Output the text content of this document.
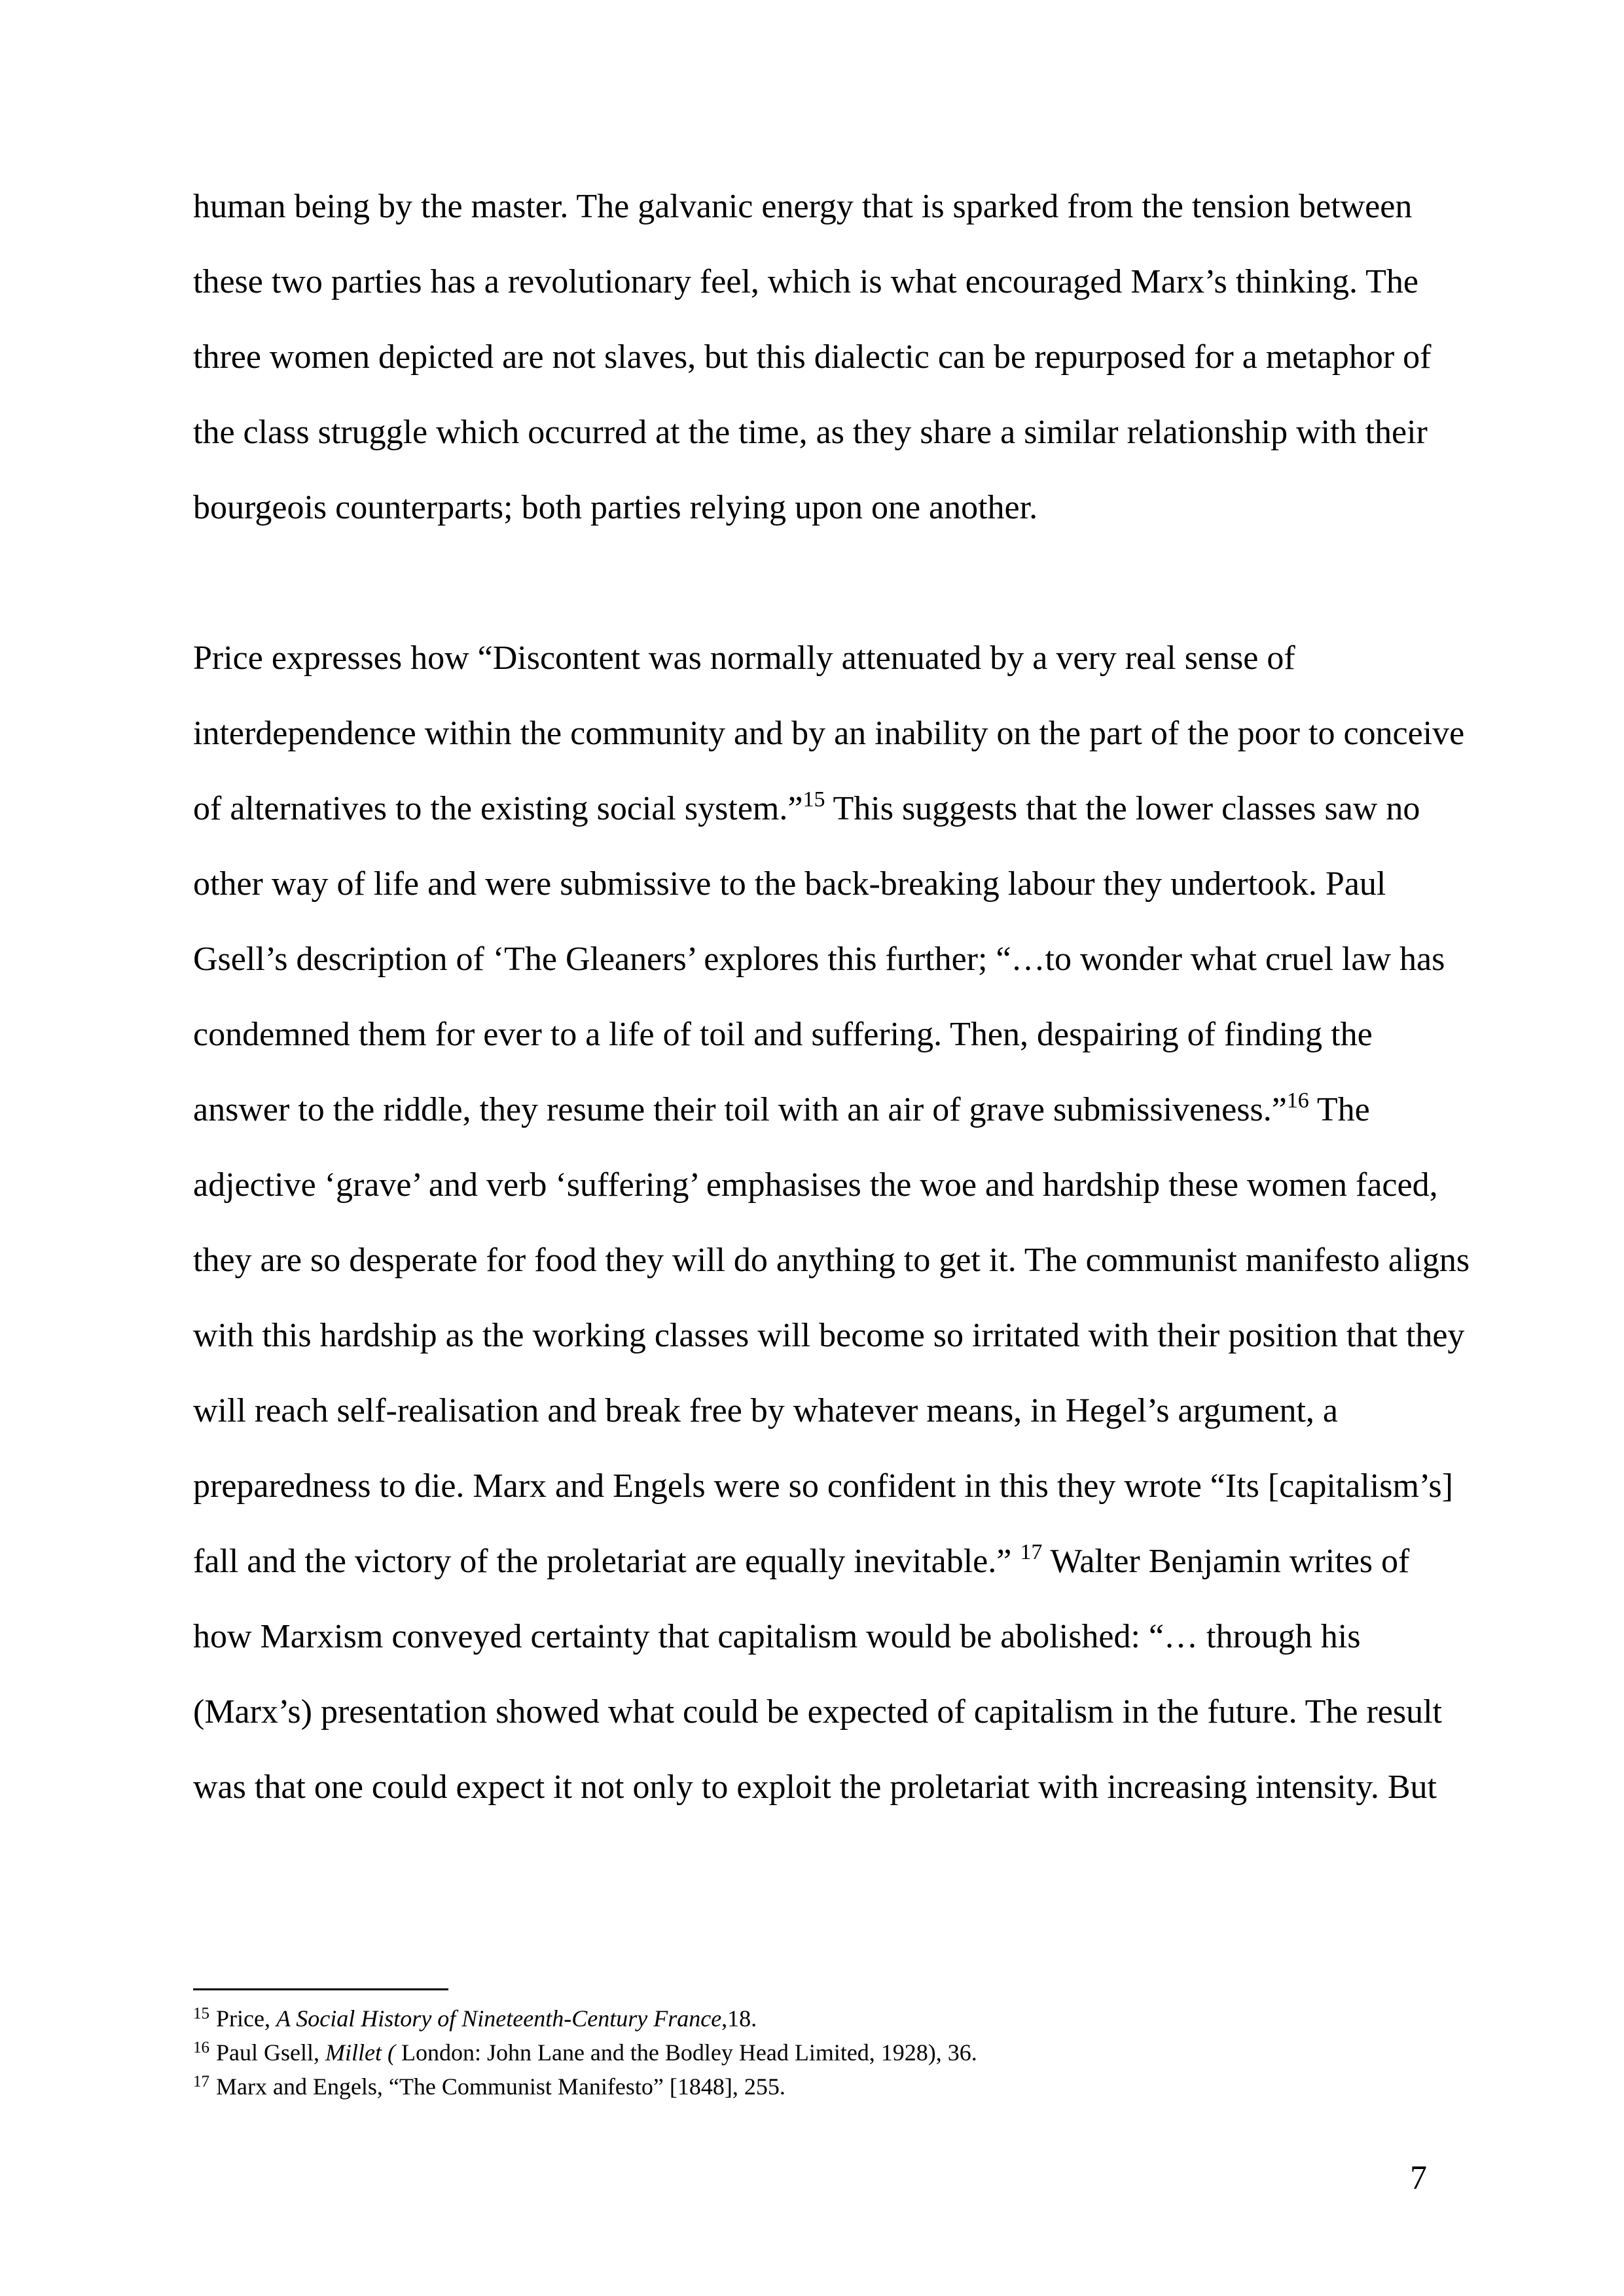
human being by the master. The galvanic energy that is sparked from the tension between
these two parties has a revolutionary feel, which is what encouraged Marx’s thinking. The
three women depicted are not slaves, but this dialectic can be repurposed for a metaphor of
the class struggle which occurred at the time, as they share a similar relationship with their
bourgeois counterparts; both parties relying upon one another.
Price expresses how “Discontent was normally attenuated by a very real sense of
interdependence within the community and by an inability on the part of the poor to conceive
of alternatives to the existing social system.”$^{15}$ This suggests that the lower classes saw no
other way of life and were submissive to the back-breaking labour they undertook. Paul
Gsell’s description of ‘The Gleaners’ explores this further; “…to wonder what cruel law has
condemned them for ever to a life of toil and suffering. Then, despairing of finding the
answer to the riddle, they resume their toil with an air of grave submissiveness.”$^{16}$ The
adjective ‘grave’ and verb ‘suffering’ emphasises the woe and hardship these women faced,
they are so desperate for food they will do anything to get it. The communist manifesto aligns
with this hardship as the working classes will become so irritated with their position that they
will reach self-realisation and break free by whatever means, in Hegel’s argument, a
preparedness to die. Marx and Engels were so confident in this they wrote “Its [capitalism’s]
fall and the victory of the proletariat are equally inevitable.” $^{17}$ Walter Benjamin writes of
how Marxism conveyed certainty that capitalism would be abolished: “… through his
(Marx’s) presentation showed what could be expected of capitalism in the future. The result
was that one could expect it not only to exploit the proletariat with increasing intensity. But
$^{15}$ Price, A Social History of Nineteenth-Century France,18.
$^{16}$ Paul Gsell, Millet ( London: John Lane and the Bodley Head Limited, 1928), 36.
$^{17}$ Marx and Engels, “The Communist Manifesto” [1848], 255.
7
